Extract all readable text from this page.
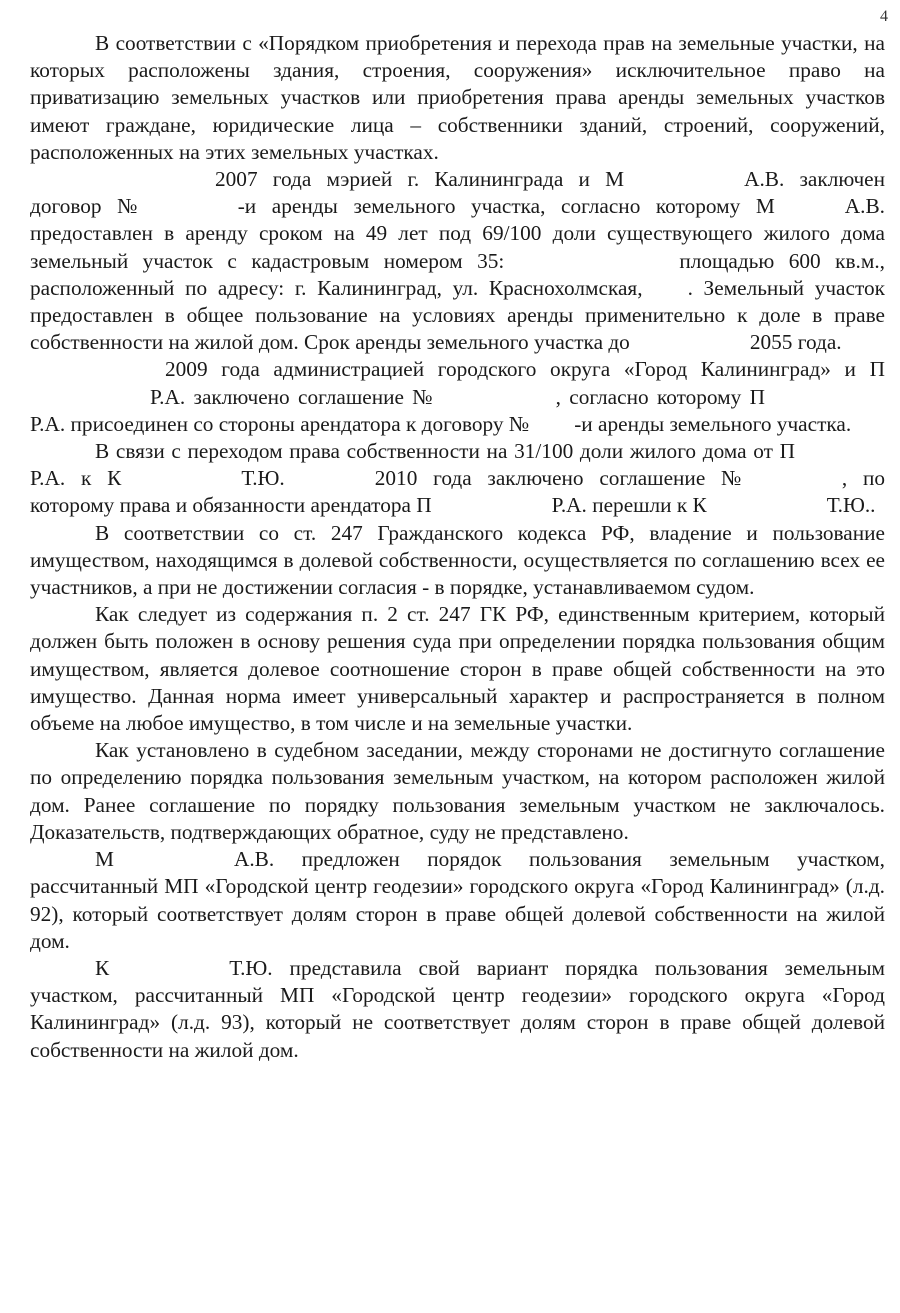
4

В соответствии с «Порядком приобретения и перехода прав на земельные участки, на которых расположены здания, строения, сооружения» исключительное право на приватизацию земельных участков или приобретения права аренды земельных участков имеют граждане, юридические лица – собственники зданий, строений, сооружений, расположенных на этих земельных участках.

2007 года мэрией г. Калининграда и М	А.В. заключен договор №	-и аренды земельного участка, согласно которому М	А.В. предоставлен в аренду сроком на 49 лет под 69/100 доли существующего жилого дома земельный участок с кадастровым номером 35:	площадью 600 кв.м., расположенный по адресу: г. Калининград, ул. Краснохолмская, . Земельный участок предоставлен в общее пользование на условиях аренды применительно к доле в праве собственности на жилой дом. Срок аренды земельного участка до	2055 года.

2009 года администрацией городского округа «Город Калининград» и ПР.А. заключено соглашение №	, согласно которому ПР.А. присоединен со стороны арендатора к договору № -и аренды земельного участка.

В связи с переходом права собственности на 31/100 доли жилого дома от ПР.А. к К	Т.Ю.	2010 года заключено соглашение №	, по которому права и обязанности арендатора П	Р.А. перешли к К	Т.Ю..

В соответствии со ст. 247 Гражданского кодекса РФ, владение и пользование имуществом, находящимся в долевой собственности, осуществляется по соглашению всех ее участников, а при не достижении согласия - в порядке, устанавливаемом судом.

Как следует из содержания п. 2 ст. 247 ГК РФ, единственным критерием, который должен быть положен в основу решения суда при определении порядка пользования общим имуществом, является долевое соотношение сторон в праве общей собственности на это имущество. Данная норма имеет универсальный характер и распространяется в полном объеме на любое имущество, в том числе и на земельные участки.

Как установлено в судебном заседании, между сторонами не достигнуто соглашение по определению порядка пользования земельным участком, на котором расположен жилой дом. Ранее соглашение по порядку пользования земельным участком не заключалось. Доказательств, подтверждающих обратное, суду не представлено.

М	А.В. предложен порядок пользования земельным участком, рассчитанный МП «Городской центр геодезии» городского округа «Город Калининград» (л.д. 92), который соответствует долям сторон в праве общей долевой собственности на жилой дом.

К	Т.Ю. представила свой вариант порядка пользования земельным участком, рассчитанный МП «Городской центр геодезии» городского округа «Город Калининград» (л.д. 93), который не соответствует долям сторон в праве общей долевой собственности на жилой дом.
